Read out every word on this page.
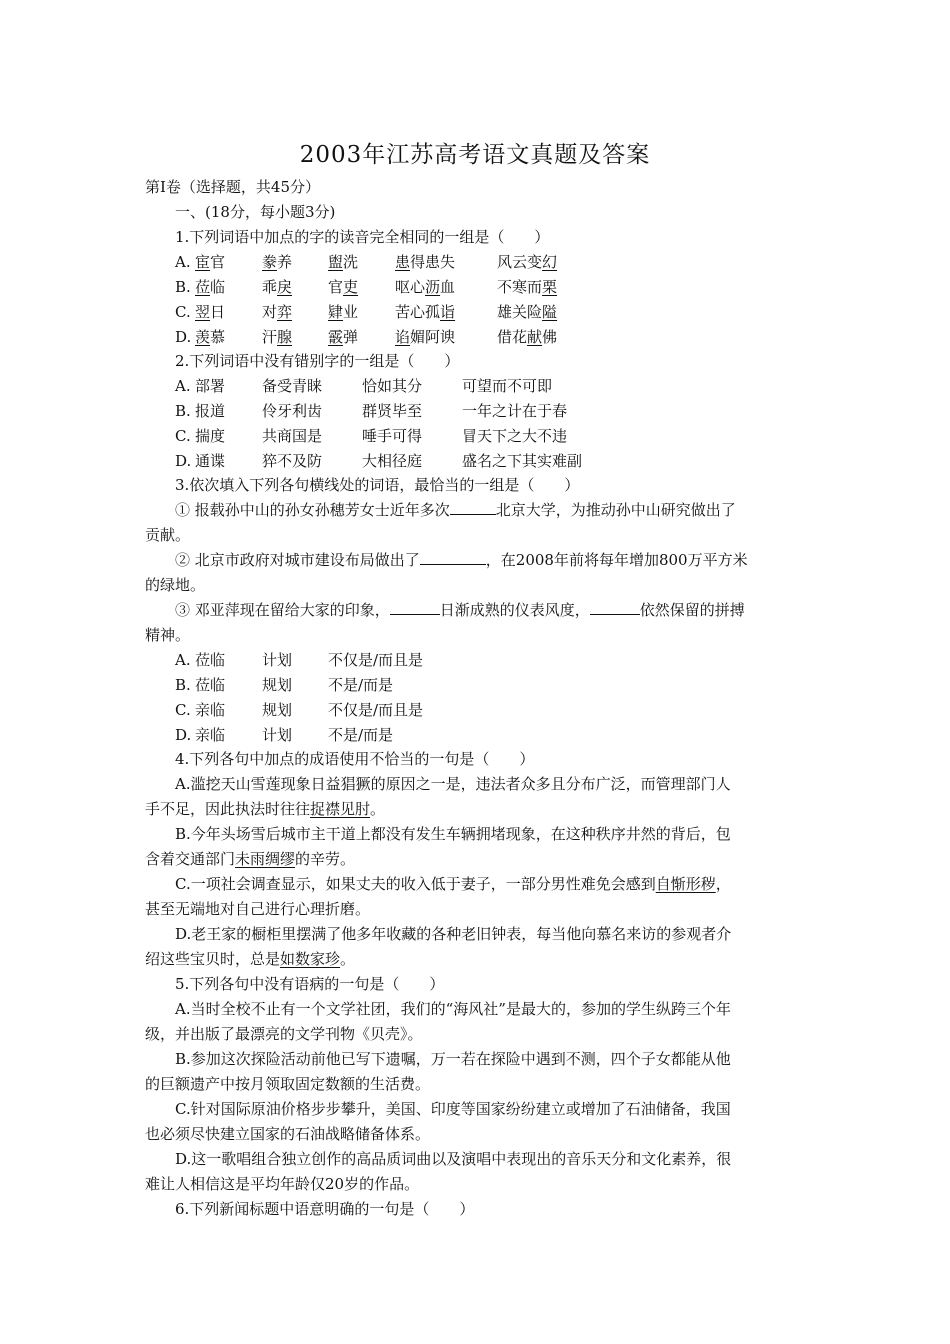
2003年江苏高考语文真题及答案
第I卷（选择题，共45分）
一、(18分，每小题3分)
1.下列词语中加点的字的读音完全相同的一组是（　　）
A. 宦官 豢养 盥洗 患得患失	风云变幻
B. 莅临 乖戾 官吏 呕心沥血	不寒而栗
C. 翌日 对弈 肄业 苦心孤诣	雄关险隘
D. 羡慕 汗腺 霰弹 谄媚阿谀	借花献佛
2.下列词语中没有错别字的一组是（　　）
A. 部署 备受青睐	恰如其分	可望而不可即
B. 报道 伶牙利齿	群贤毕至	一年之计在于春
C. 揣度 共商国是	唾手可得	冒天下之大不违
D. 通谍 猝不及防	大相径庭	盛名之下其实难副
3.依次填入下列各句横线处的词语，最恰当的一组是（　　）
① 报载孙中山的孙女孙穗芳女士近年多次	北京大学，为推动孙中山研究做出了
贡献。
② 北京市政府对城市建设布局做出了	，在2008年前将每年增加800万平方米
的绿地。
③ 邓亚萍现在留给大家的印象，	日渐成熟的仪表风度，	依然保留的拼搏
精神。
A. 莅临 计划 不仅是/而且是
B. 莅临 规划 不是/而是
C. 亲临 规划 不仅是/而且是
D. 亲临 计划 不是/而是
4.下列各句中加点的成语使用不恰当的一句是（　　）
A.滥挖天山雪莲现象日益猖獗的原因之一是，违法者众多且分布广泛，而管理部门人
手不足，因此执法时往往捉襟见肘。
B.今年头场雪后城市主干道上都没有发生车辆拥堵现象，在这种秩序井然的背后，包
含着交通部门未雨绸缪的辛劳。
C.一项社会调查显示，如果丈夫的收入低于妻子，一部分男性难免会感到自惭形秽，
甚至无端地对自己进行心理折磨。
D.老王家的橱柜里摆满了他多年收藏的各种老旧钟表，每当他向慕名来访的参观者介
绍这些宝贝时，总是如数家珍。
5.下列各句中没有语病的一句是（　　）
A.当时全校不止有一个文学社团，我们的“海风社”是最大的，参加的学生纵跨三个年
级，并出版了最漂亮的文学刊物《贝壳》。
B.参加这次探险活动前他已写下遗嘱，万一若在探险中遇到不测，四个子女都能从他
的巨额遗产中按月领取固定数额的生活费。
C.针对国际原油价格步步攀升，美国、印度等国家纷纷建立或增加了石油储备，我国
也必须尽快建立国家的石油战略储备体系。
D.这一歌唱组合独立创作的高品质词曲以及演唱中表现出的音乐天分和文化素养，很
难让人相信这是平均年龄仅20岁的作品。
6.下列新闻标题中语意明确的一句是（　　）
